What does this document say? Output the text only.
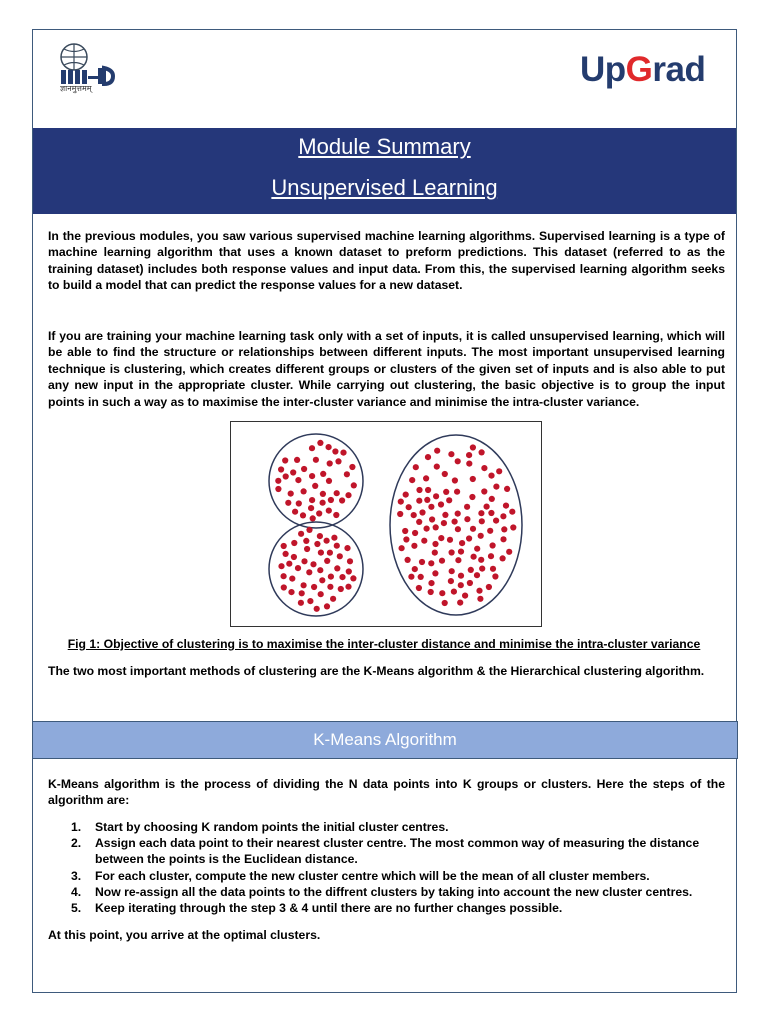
ज्ञानमुत्तमम्	UpGrad
Module Summary
Unsupervised Learning
In the previous modules, you saw various supervised machine learning algorithms. Supervised learning is a type of machine learning algorithm that uses a known dataset to preform predictions. This dataset (referred to as the training dataset) includes both response values and input data. From this, the supervised learning algorithm seeks to build a model that can predict the response values for a new dataset.
If you are training your machine learning task only with a set of inputs, it is called unsupervised learning, which will be able to find the structure or relationships between different inputs. The most important unsupervised learning technique is clustering, which creates different groups or clusters of the given set of inputs and is also able to put any new input in the appropriate cluster. While carrying out clustering, the basic objective is to group the input points in such a way as to maximise the inter-cluster variance and minimise the intra-cluster variance.
Fig 1: Objective of clustering is to maximise the inter-cluster distance and minimise the intra-cluster variance
The two most important methods of clustering are the K-Means algorithm & the Hierarchical clustering algorithm.
K-Means Algorithm
K-Means algorithm is the process of dividing the N data points into K groups or clusters. Here the steps of the algorithm are:
1. Start by choosing K random points the initial cluster centres.
2. Assign each data point to their nearest cluster centre. The most common way of measuring the distance between the points is the Euclidean distance.
3. For each cluster, compute the new cluster centre which will be the mean of all cluster members.
4. Now re-assign all the data points to the diffrent clusters by taking into account the new cluster centres.
5. Keep iterating through the step 3 & 4 until there are no further changes possible.
At this point, you arrive at the optimal clusters.
